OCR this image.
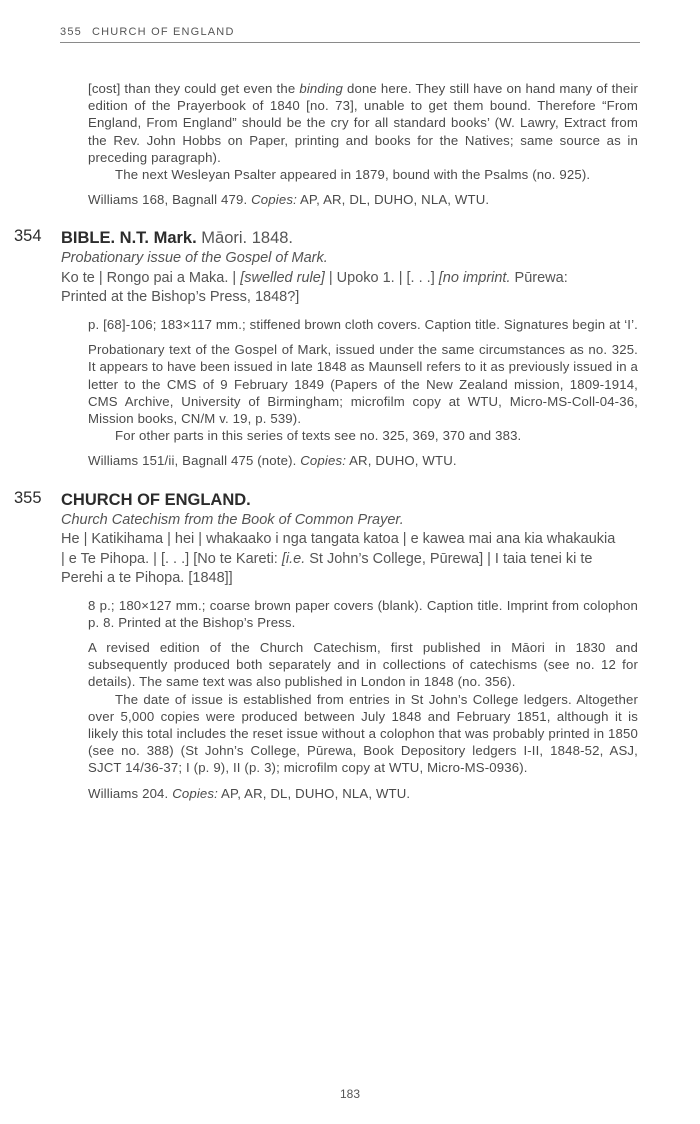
355 CHURCH OF ENGLAND

[cost] than they could get even the binding done here. They still have on hand many of their edition of the Prayerbook of 1840 [no. 73], unable to get them bound. Therefore “From England, From England” should be the cry for all standard books’ (W. Lawry, Extract from the Rev. John Hobbs on Paper, printing and books for the Natives; same source as in preceding paragraph).

The next Wesleyan Psalter appeared in 1879, bound with the Psalms (no. 925).

Williams 168, Bagnall 479. Copies: AP, AR, DL, DUHO, NLA, WTU.

354 BIBLE. N.T. Mark. Māori. 1848.

Probationary issue of the Gospel of Mark.

Ko te | Rongo pai a Maka. | [swelled rule] | Upoko 1. | [. . .] [no imprint. Pūrewa: Printed at the Bishop’s Press, 1848?]

p. [68]-106; 183×117 mm.; stiffened brown cloth covers. Caption title. Signatures begin at ‘I’.

Probationary text of the Gospel of Mark, issued under the same circumstances as no. 325. It appears to have been issued in late 1848 as Maunsell refers to it as previously issued in a letter to the CMS of 9 February 1849 (Papers of the New Zealand mission, 1809-1914, CMS Archive, University of Birmingham; microfilm copy at WTU, Micro-MS-Coll-04-36, Mission books, CN/M v. 19, p. 539).

For other parts in this series of texts see no. 325, 369, 370 and 383.

Williams 151/ii, Bagnall 475 (note). Copies: AR, DUHO, WTU.

355 CHURCH OF ENGLAND.

Church Catechism from the Book of Common Prayer.

He | Katikihama | hei | whakaako i nga tangata katoa | e kawea mai ana kia whakaukia | e Te Pihopa. | [. . .] [No te Kareti: [i.e. St John’s College, Pūrewa] | I taia tenei ki te Perehi a te Pihopa. [1848]]

8 p.; 180×127 mm.; coarse brown paper covers (blank). Caption title. Imprint from colophon p. 8. Printed at the Bishop’s Press.

A revised edition of the Church Catechism, first published in Māori in 1830 and subsequently produced both separately and in collections of catechisms (see no. 12 for details). The same text was also published in London in 1848 (no. 356).

The date of issue is established from entries in St John’s College ledgers. Altogether over 5,000 copies were produced between July 1848 and February 1851, although it is likely this total includes the reset issue without a colophon that was probably printed in 1850 (see no. 388) (St John’s College, Pūrewa, Book Depository ledgers I-II, 1848-52, ASJ, SJCT 14/36-37; I (p. 9), II (p. 3); microfilm copy at WTU, Micro-MS-0936).

Williams 204. Copies: AP, AR, DL, DUHO, NLA, WTU.

183
